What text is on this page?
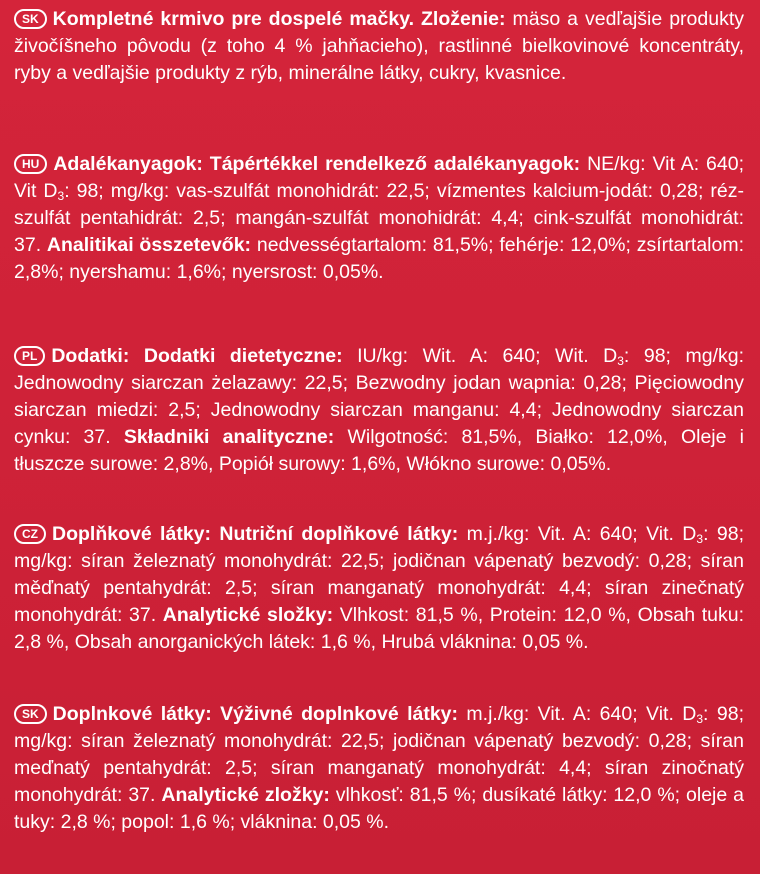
SK Kompletné krmivo pre dospelé mačky. Zloženie: mäso a vedľajšie produkty živočíšneho pôvodu (z toho 4 % jahňacieho), rastlinné bielkovinové koncentráty, ryby a vedľajšie produkty z rýb, minerálne látky, cukry, kvasnice.
HU Adalékanyagok: Tápértékkel rendelkező adalékanyagok: NE/kg: Vit A: 640; Vit $D_3$: 98; mg/kg: vas-szulfát monohidrát: 22,5; vízmentes kalcium-jodát: 0,28; réz-szulfát pentahidrát: 2,5; mangán-szulfát monohidrát: 4,4; cink-szulfát monohidrát: 37. Analitikai összetevők: nedvességtartalom: 81,5%; fehérje: 12,0%; zsírtartalom: 2,8%; nyershamu: 1,6%; nyersrost: 0,05%.
PL Dodatki: Dodatki dietetyczne: IU/kg: Wit. A: 640; Wit. $D_3$: 98; mg/kg: Jednowodny siarczan żelazawy: 22,5; Bezwodny jodan wapnia: 0,28; Pięciowodny siarczan miedzi: 2,5; Jednowodny siarczan manganu: 4,4; Jednowodny siarczan cynku: 37. Składniki analityczne: Wilgotność: 81,5%, Białko: 12,0%, Oleje i tłuszcze surowe: 2,8%, Popiół surowy: 1,6%, Włókno surowe: 0,05%.
CZ Doplňkové látky: Nutriční doplňkové látky: m.j./kg: Vit. A: 640; Vit. $D_3$: 98; mg/kg: síran železnatý monohydrát: 22,5; jodičnan vápenatý bezvodý: 0,28; síran měďnatý pentahydrát: 2,5; síran manganatý monohydrát: 4,4; síran zinečnatý monohydrát: 37. Analytické složky: Vlhkost: 81,5 %, Protein: 12,0 %, Obsah tuku: 2,8 %, Obsah anorganických látek: 1,6 %, Hrubá vláknina: 0,05 %.
SK Doplnkové látky: Výživné doplnkové látky: m.j./kg: Vit. A: 640; Vit. $D_3$: 98; mg/kg: síran železnatý monohydrát: 22,5; jodičnan vápenatý bezvodý: 0,28; síran meďnatý pentahydrát: 2,5; síran manganatý monohydrát: 4,4; síran zinočnatý monohydrát: 37. Analytické zložky: vlhkosť: 81,5 %; dusíkaté látky: 12,0 %; oleje a tuky: 2,8 %; popol: 1,6 %; vláknina: 0,05 %.
